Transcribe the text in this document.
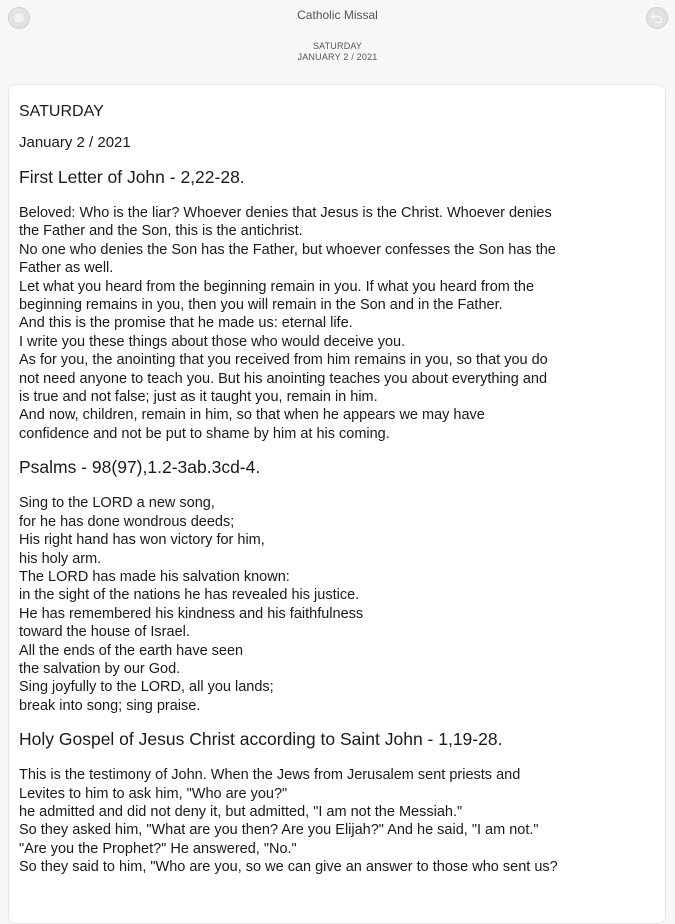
Catholic Missal
SATURDAY
JANUARY 2 / 2021
SATURDAY
January 2 / 2021
First Letter of John - 2,22-28.
Beloved: Who is the liar? Whoever denies that Jesus is the Christ. Whoever denies
the Father and the Son, this is the antichrist.
No one who denies the Son has the Father, but whoever confesses the Son has the
Father as well.
Let what you heard from the beginning remain in you. If what you heard from the
beginning remains in you, then you will remain in the Son and in the Father.
And this is the promise that he made us: eternal life.
I write you these things about those who would deceive you.
As for you, the anointing that you received from him remains in you, so that you do
not need anyone to teach you. But his anointing teaches you about everything and
is true and not false; just as it taught you, remain in him.
And now, children, remain in him, so that when he appears we may have
confidence and not be put to shame by him at his coming.
Psalms - 98(97),1.2-3ab.3cd-4.
Sing to the LORD a new song,
for he has done wondrous deeds;
His right hand has won victory for him,
his holy arm.
The LORD has made his salvation known:
in the sight of the nations he has revealed his justice.
He has remembered his kindness and his faithfulness
toward the house of Israel.
All the ends of the earth have seen
the salvation by our God.
Sing joyfully to the LORD, all you lands;
break into song; sing praise.
Holy Gospel of Jesus Christ according to Saint John - 1,19-28.
This is the testimony of John. When the Jews from Jerusalem sent priests and
Levites to him to ask him, "Who are you?"
he admitted and did not deny it, but admitted, "I am not the Messiah."
So they asked him, "What are you then? Are you Elijah?" And he said, "I am not."
"Are you the Prophet?" He answered, "No."
So they said to him, "Who are you, so we can give an answer to those who sent us?
